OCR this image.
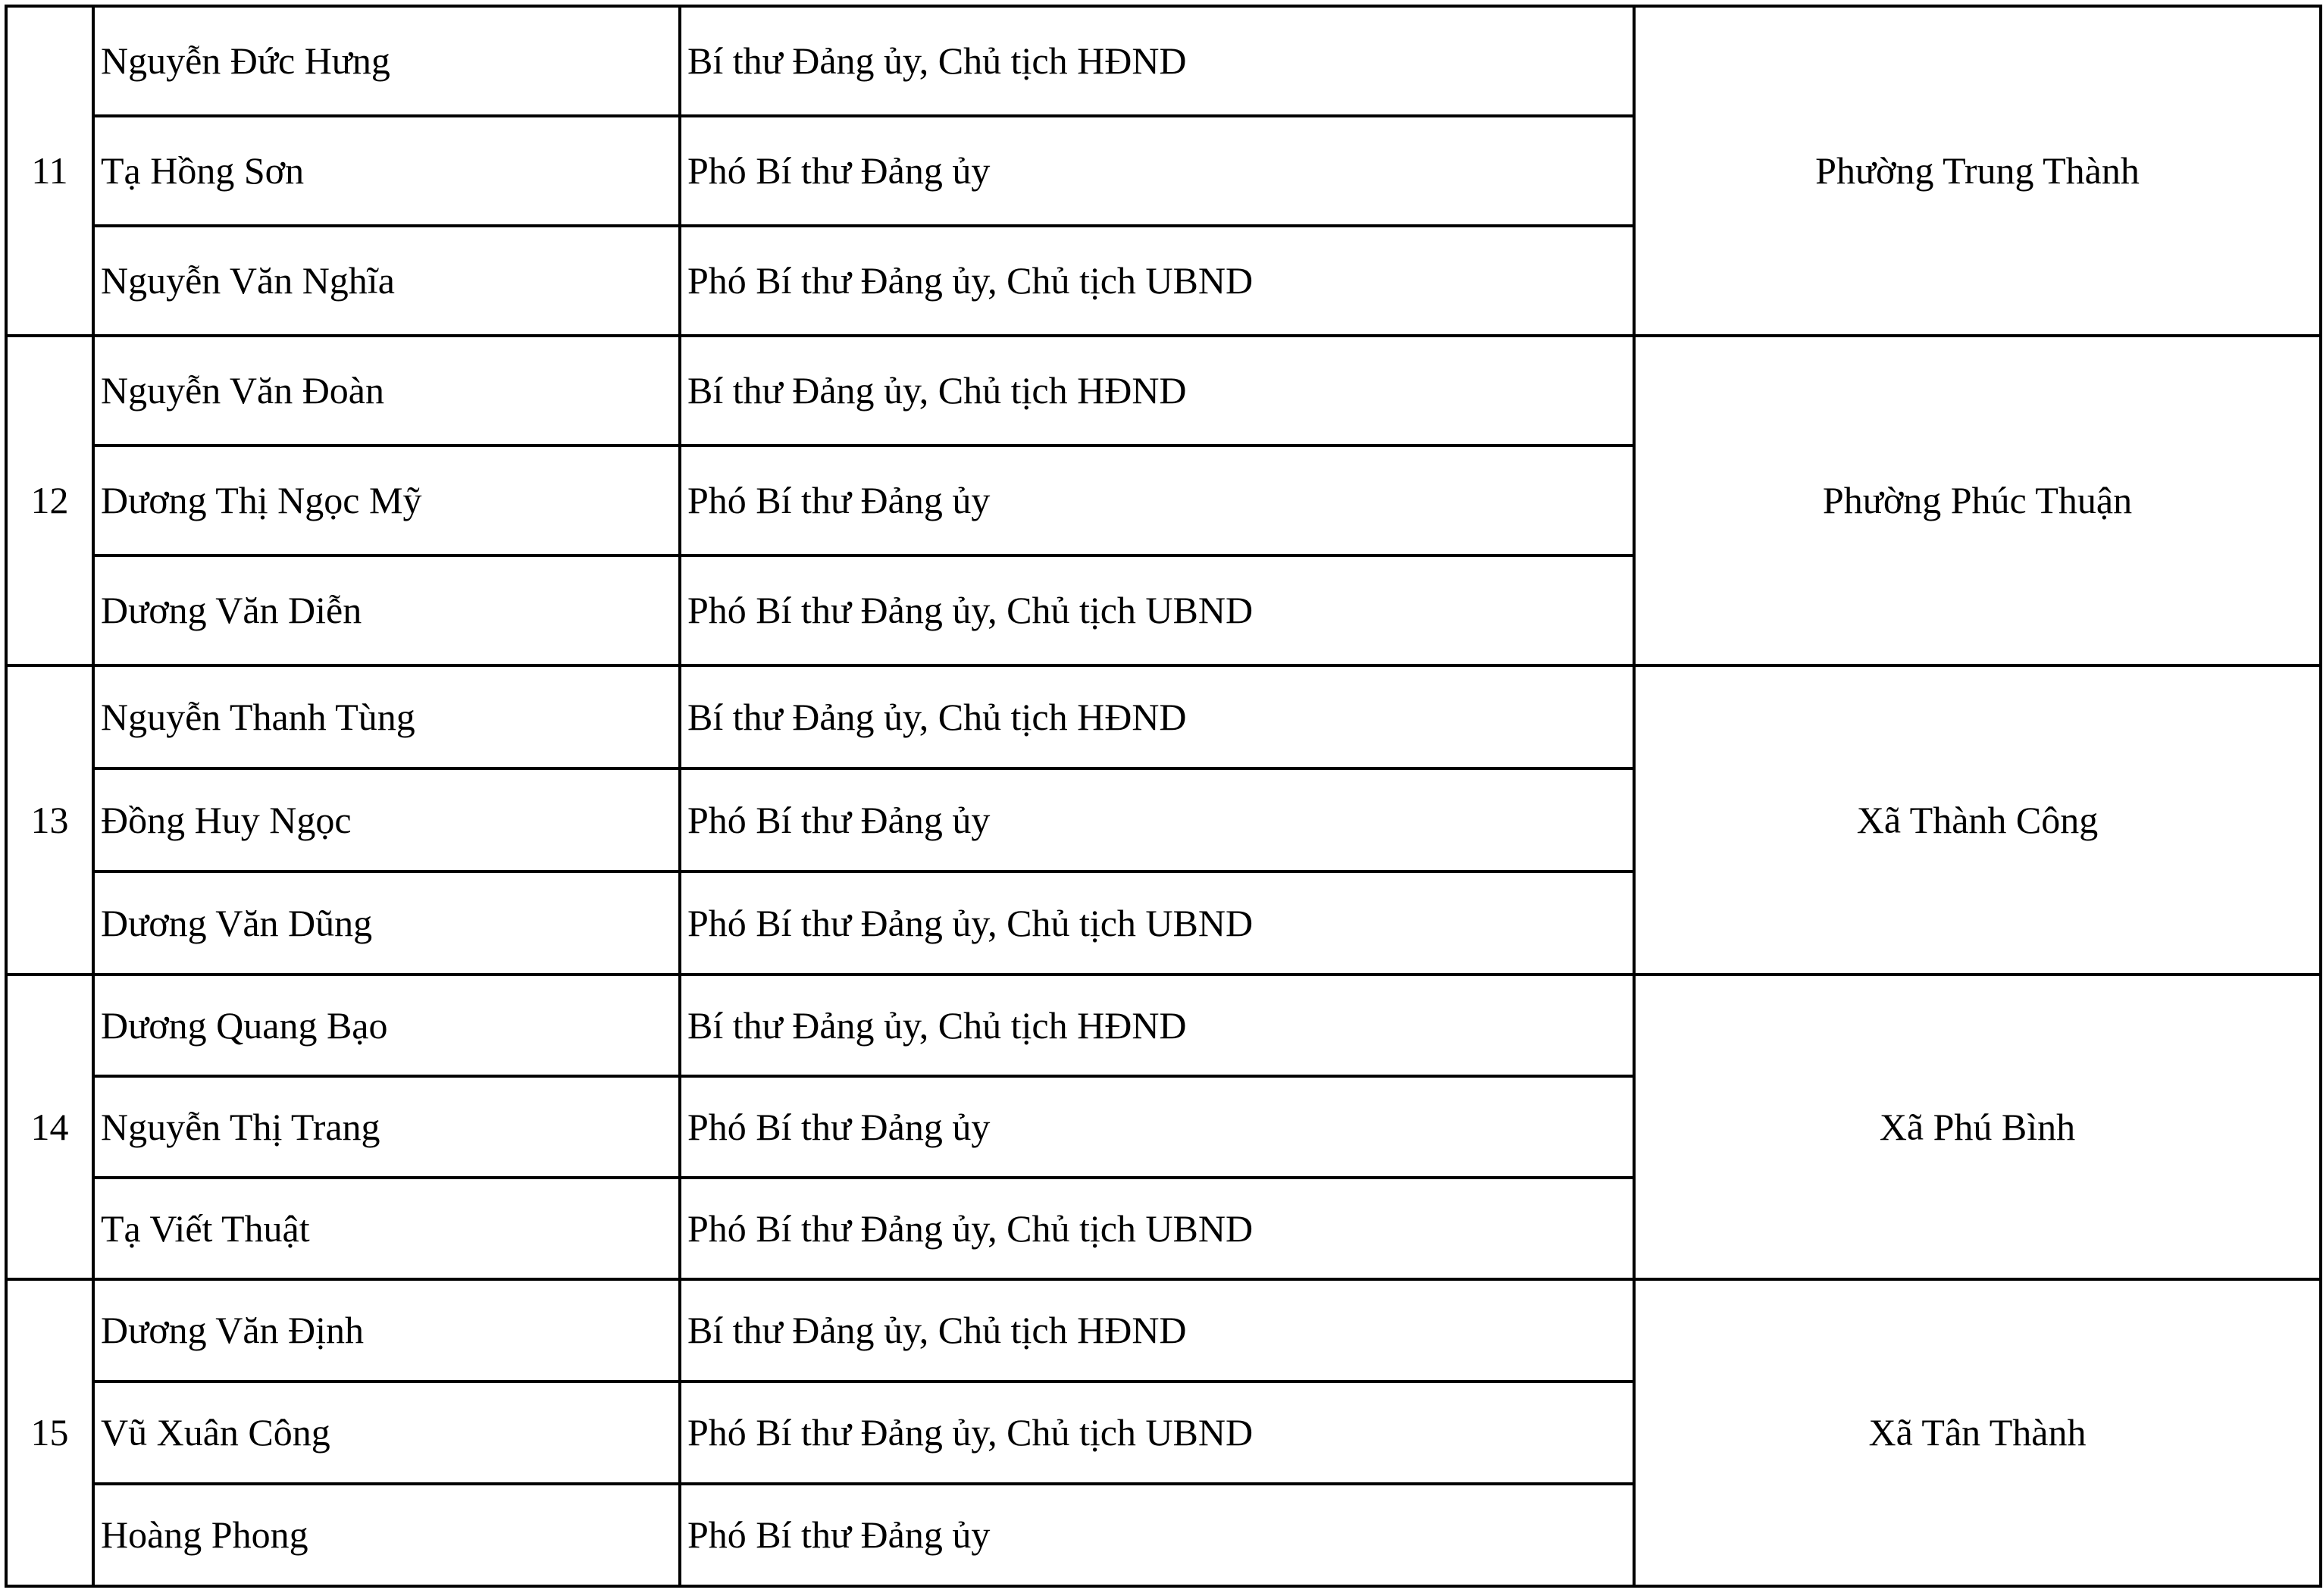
11	Nguyễn Đức Hưng	Bí thư Đảng ủy, Chủ tịch HĐND	Phường Trung Thành
	Tạ Hồng Sơn	Phó Bí thư Đảng ủy	
	Nguyễn Văn Nghĩa	Phó Bí thư Đảng ủy, Chủ tịch UBND	
12	Nguyễn Văn Đoàn	Bí thư Đảng ủy, Chủ tịch HĐND	Phường Phúc Thuận
	Dương Thị Ngọc Mỹ	Phó Bí thư Đảng ủy	
	Dương Văn Diễn	Phó Bí thư Đảng ủy, Chủ tịch UBND	
13	Nguyễn Thanh Tùng	Bí thư Đảng ủy, Chủ tịch HĐND	Xã Thành Công
	Đồng Huy Ngọc	Phó Bí thư Đảng ủy	
	Dương Văn Dũng	Phó Bí thư Đảng ủy, Chủ tịch UBND	
14	Dương Quang Bạo	Bí thư Đảng ủy, Chủ tịch HĐND	Xã Phú Bình
	Nguyễn Thị Trang	Phó Bí thư Đảng ủy	
	Tạ Viết Thuật	Phó Bí thư Đảng ủy, Chủ tịch UBND	
15	Dương Văn Định	Bí thư Đảng ủy, Chủ tịch HĐND	Xã Tân Thành
	Vũ Xuân Công	Phó Bí thư Đảng ủy, Chủ tịch UBND	
	Hoàng Phong	Phó Bí thư Đảng ủy	
